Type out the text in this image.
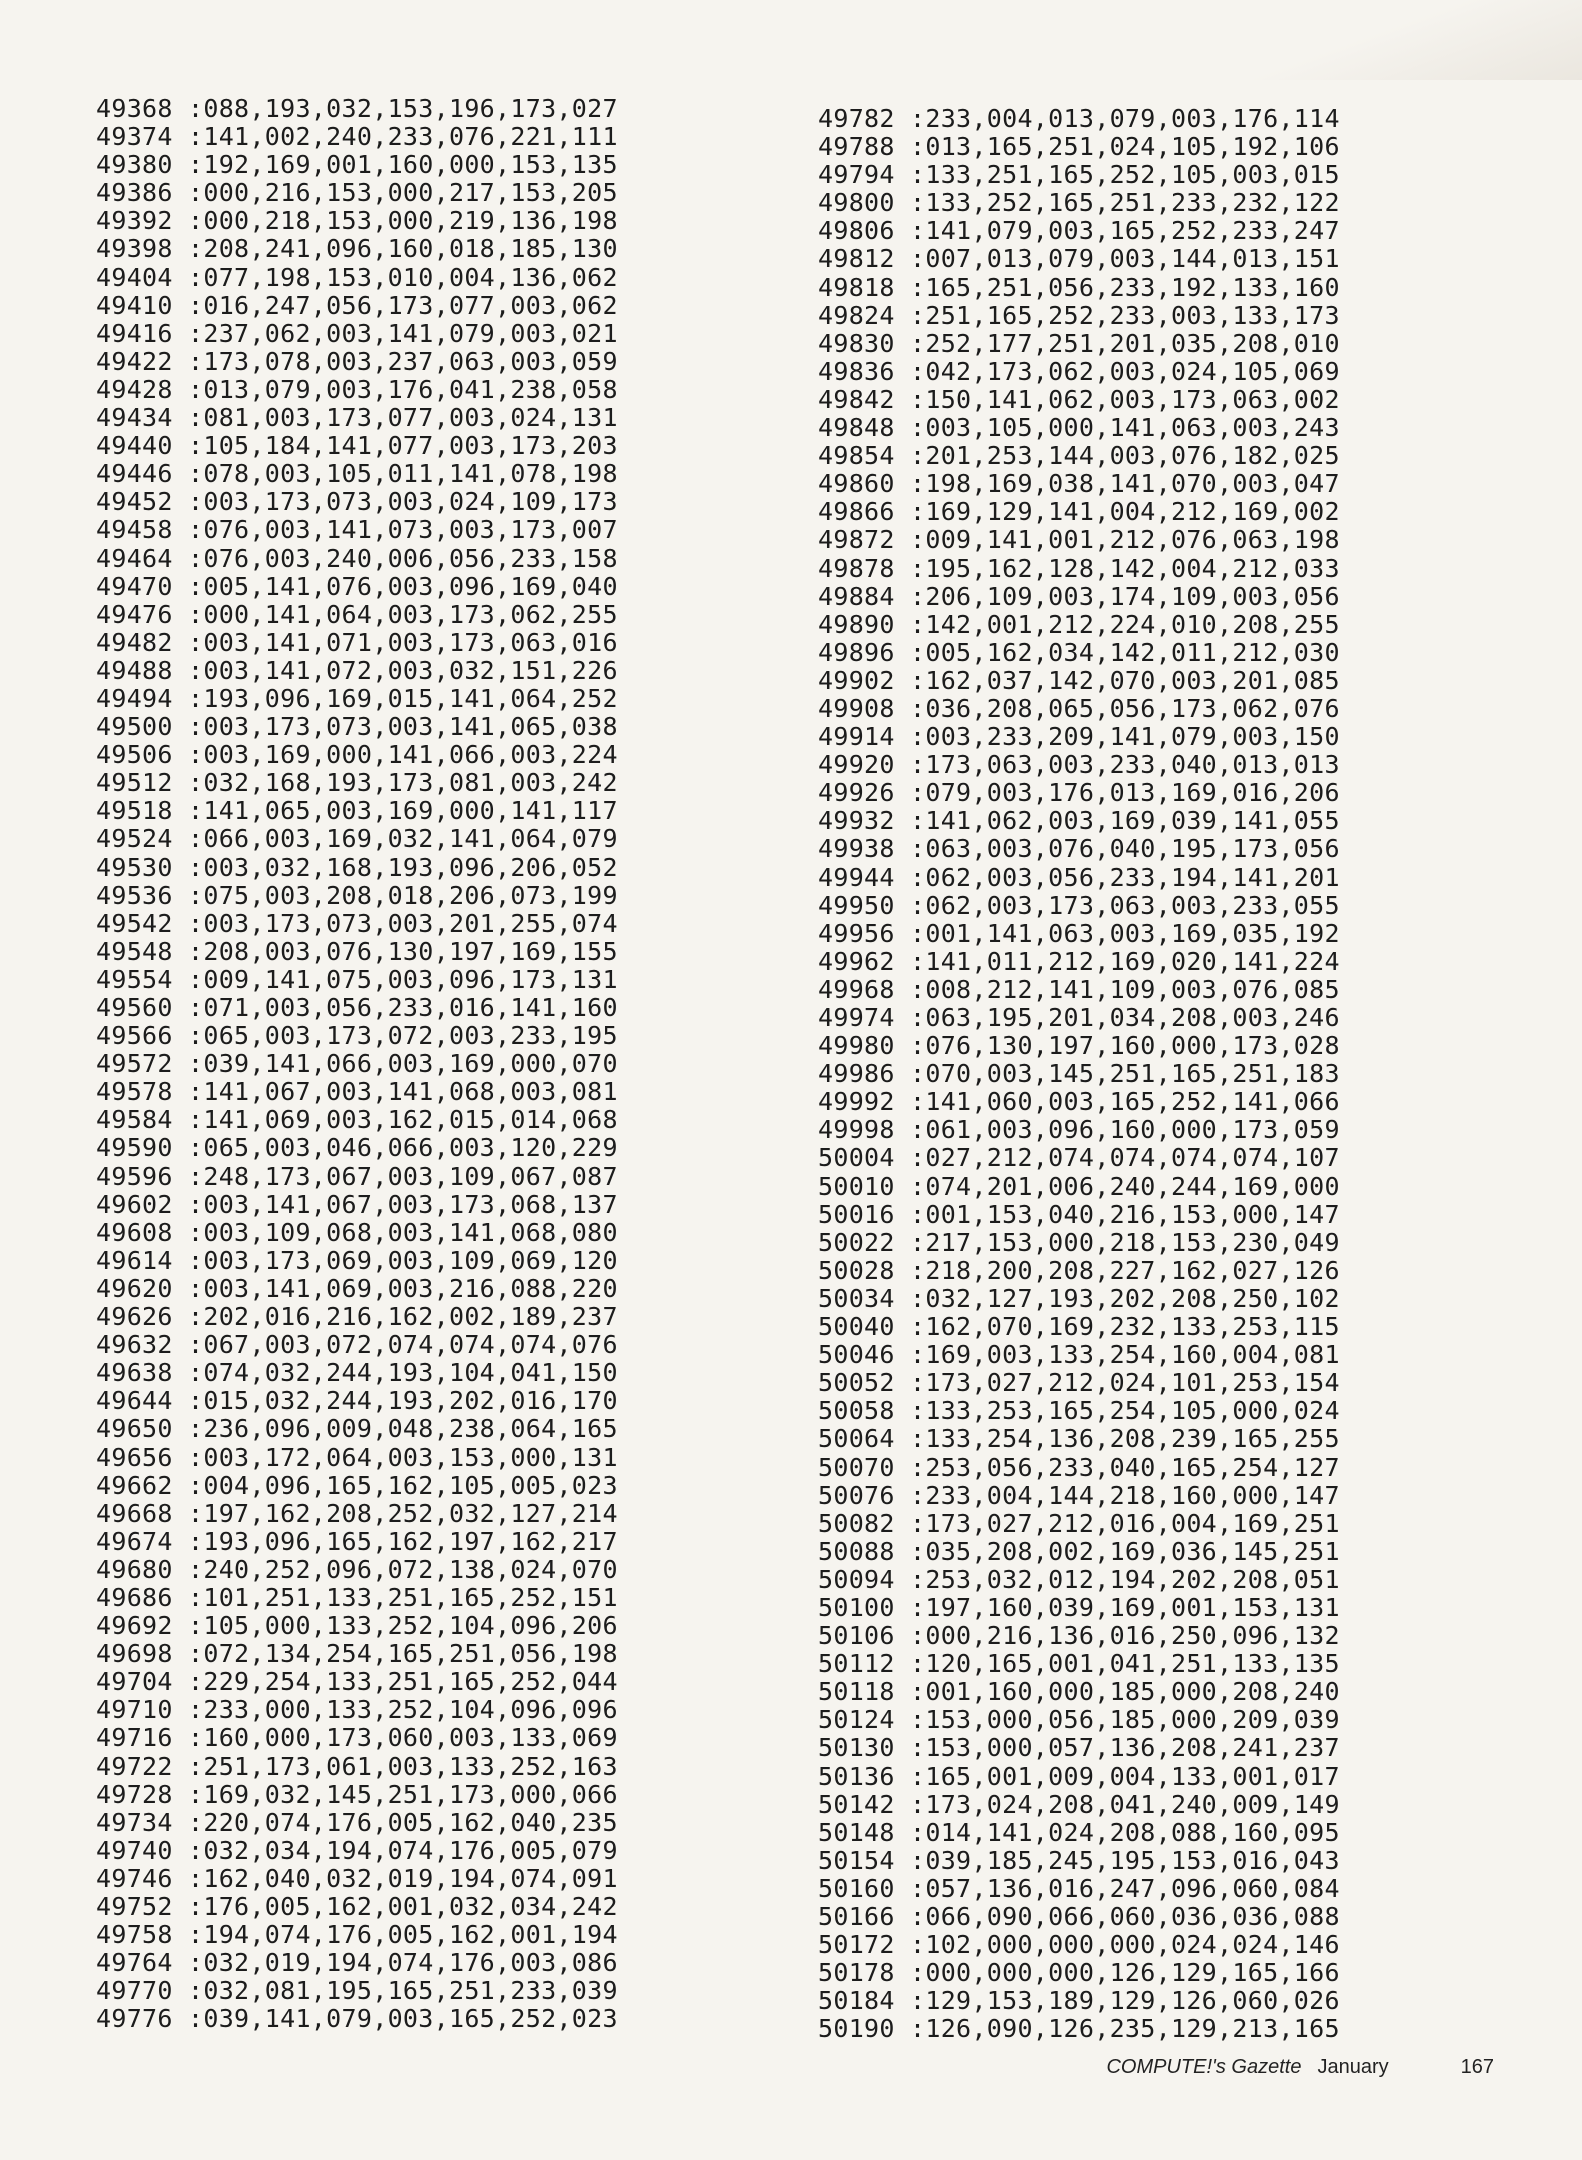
49368 :088,193,032,153,196,173,027
49374 :141,002,240,233,076,221,111
49380 :192,169,001,160,000,153,135
49386 :000,216,153,000,217,153,205
49392 :000,218,153,000,219,136,198
49398 :208,241,096,160,018,185,130
49404 :077,198,153,010,004,136,062
49410 :016,247,056,173,077,003,062
49416 :237,062,003,141,079,003,021
49422 :173,078,003,237,063,003,059
49428 :013,079,003,176,041,238,058
49434 :081,003,173,077,003,024,131
49440 :105,184,141,077,003,173,203
49446 :078,003,105,011,141,078,198
49452 :003,173,073,003,024,109,173
49458 :076,003,141,073,003,173,007
49464 :076,003,240,006,056,233,158
49470 :005,141,076,003,096,169,040
49476 :000,141,064,003,173,062,255
49482 :003,141,071,003,173,063,016
49488 :003,141,072,003,032,151,226
49494 :193,096,169,015,141,064,252
49500 :003,173,073,003,141,065,038
49506 :003,169,000,141,066,003,224
49512 :032,168,193,173,081,003,242
49518 :141,065,003,169,000,141,117
49524 :066,003,169,032,141,064,079
49530 :003,032,168,193,096,206,052
49536 :075,003,208,018,206,073,199
49542 :003,173,073,003,201,255,074
49548 :208,003,076,130,197,169,155
49554 :009,141,075,003,096,173,131
49560 :071,003,056,233,016,141,160
49566 :065,003,173,072,003,233,195
49572 :039,141,066,003,169,000,070
49578 :141,067,003,141,068,003,081
49584 :141,069,003,162,015,014,068
49590 :065,003,046,066,003,120,229
49596 :248,173,067,003,109,067,087
49602 :003,141,067,003,173,068,137
49608 :003,109,068,003,141,068,080
49614 :003,173,069,003,109,069,120
49620 :003,141,069,003,216,088,220
49626 :202,016,216,162,002,189,237
49632 :067,003,072,074,074,074,076
49638 :074,032,244,193,104,041,150
49644 :015,032,244,193,202,016,170
49650 :236,096,009,048,238,064,165
49656 :003,172,064,003,153,000,131
49662 :004,096,165,162,105,005,023
49668 :197,162,208,252,032,127,214
49674 :193,096,165,162,197,162,217
49680 :240,252,096,072,138,024,070
49686 :101,251,133,251,165,252,151
49692 :105,000,133,252,104,096,206
49698 :072,134,254,165,251,056,198
49704 :229,254,133,251,165,252,044
49710 :233,000,133,252,104,096,096
49716 :160,000,173,060,003,133,069
49722 :251,173,061,003,133,252,163
49728 :169,032,145,251,173,000,066
49734 :220,074,176,005,162,040,235
49740 :032,034,194,074,176,005,079
49746 :162,040,032,019,194,074,091
49752 :176,005,162,001,032,034,242
49758 :194,074,176,005,162,001,194
49764 :032,019,194,074,176,003,086
49770 :032,081,195,165,251,233,039
49776 :039,141,079,003,165,252,023
49782 :233,004,013,079,003,176,114
49788 :013,165,251,024,105,192,106
49794 :133,251,165,252,105,003,015
49800 :133,252,165,251,233,232,122
49806 :141,079,003,165,252,233,247
49812 :007,013,079,003,144,013,151
49818 :165,251,056,233,192,133,160
49824 :251,165,252,233,003,133,173
49830 :252,177,251,201,035,208,010
49836 :042,173,062,003,024,105,069
49842 :150,141,062,003,173,063,002
49848 :003,105,000,141,063,003,243
49854 :201,253,144,003,076,182,025
49860 :198,169,038,141,070,003,047
49866 :169,129,141,004,212,169,002
49872 :009,141,001,212,076,063,198
49878 :195,162,128,142,004,212,033
49884 :206,109,003,174,109,003,056
49890 :142,001,212,224,010,208,255
49896 :005,162,034,142,011,212,030
49902 :162,037,142,070,003,201,085
49908 :036,208,065,056,173,062,076
49914 :003,233,209,141,079,003,150
49920 :173,063,003,233,040,013,013
49926 :079,003,176,013,169,016,206
49932 :141,062,003,169,039,141,055
49938 :063,003,076,040,195,173,056
49944 :062,003,056,233,194,141,201
49950 :062,003,173,063,003,233,055
49956 :001,141,063,003,169,035,192
49962 :141,011,212,169,020,141,224
49968 :008,212,141,109,003,076,085
49974 :063,195,201,034,208,003,246
49980 :076,130,197,160,000,173,028
49986 :070,003,145,251,165,251,183
49992 :141,060,003,165,252,141,066
49998 :061,003,096,160,000,173,059
50004 :027,212,074,074,074,074,107
50010 :074,201,006,240,244,169,000
50016 :001,153,040,216,153,000,147
50022 :217,153,000,218,153,230,049
50028 :218,200,208,227,162,027,126
50034 :032,127,193,202,208,250,102
50040 :162,070,169,232,133,253,115
50046 :169,003,133,254,160,004,081
50052 :173,027,212,024,101,253,154
50058 :133,253,165,254,105,000,024
50064 :133,254,136,208,239,165,255
50070 :253,056,233,040,165,254,127
50076 :233,004,144,218,160,000,147
50082 :173,027,212,016,004,169,251
50088 :035,208,002,169,036,145,251
50094 :253,032,012,194,202,208,051
50100 :197,160,039,169,001,153,131
50106 :000,216,136,016,250,096,132
50112 :120,165,001,041,251,133,135
50118 :001,160,000,185,000,208,240
50124 :153,000,056,185,000,209,039
50130 :153,000,057,136,208,241,237
50136 :165,001,009,004,133,001,017
50142 :173,024,208,041,240,009,149
50148 :014,141,024,208,088,160,095
50154 :039,185,245,195,153,016,043
50160 :057,136,016,247,096,060,084
50166 :066,090,066,060,036,036,088
50172 :102,000,000,000,024,024,146
50178 :000,000,000,126,129,165,166
50184 :129,153,189,129,126,060,026
50190 :126,090,126,235,129,213,165
COMPUTE!'s Gazette January	167
